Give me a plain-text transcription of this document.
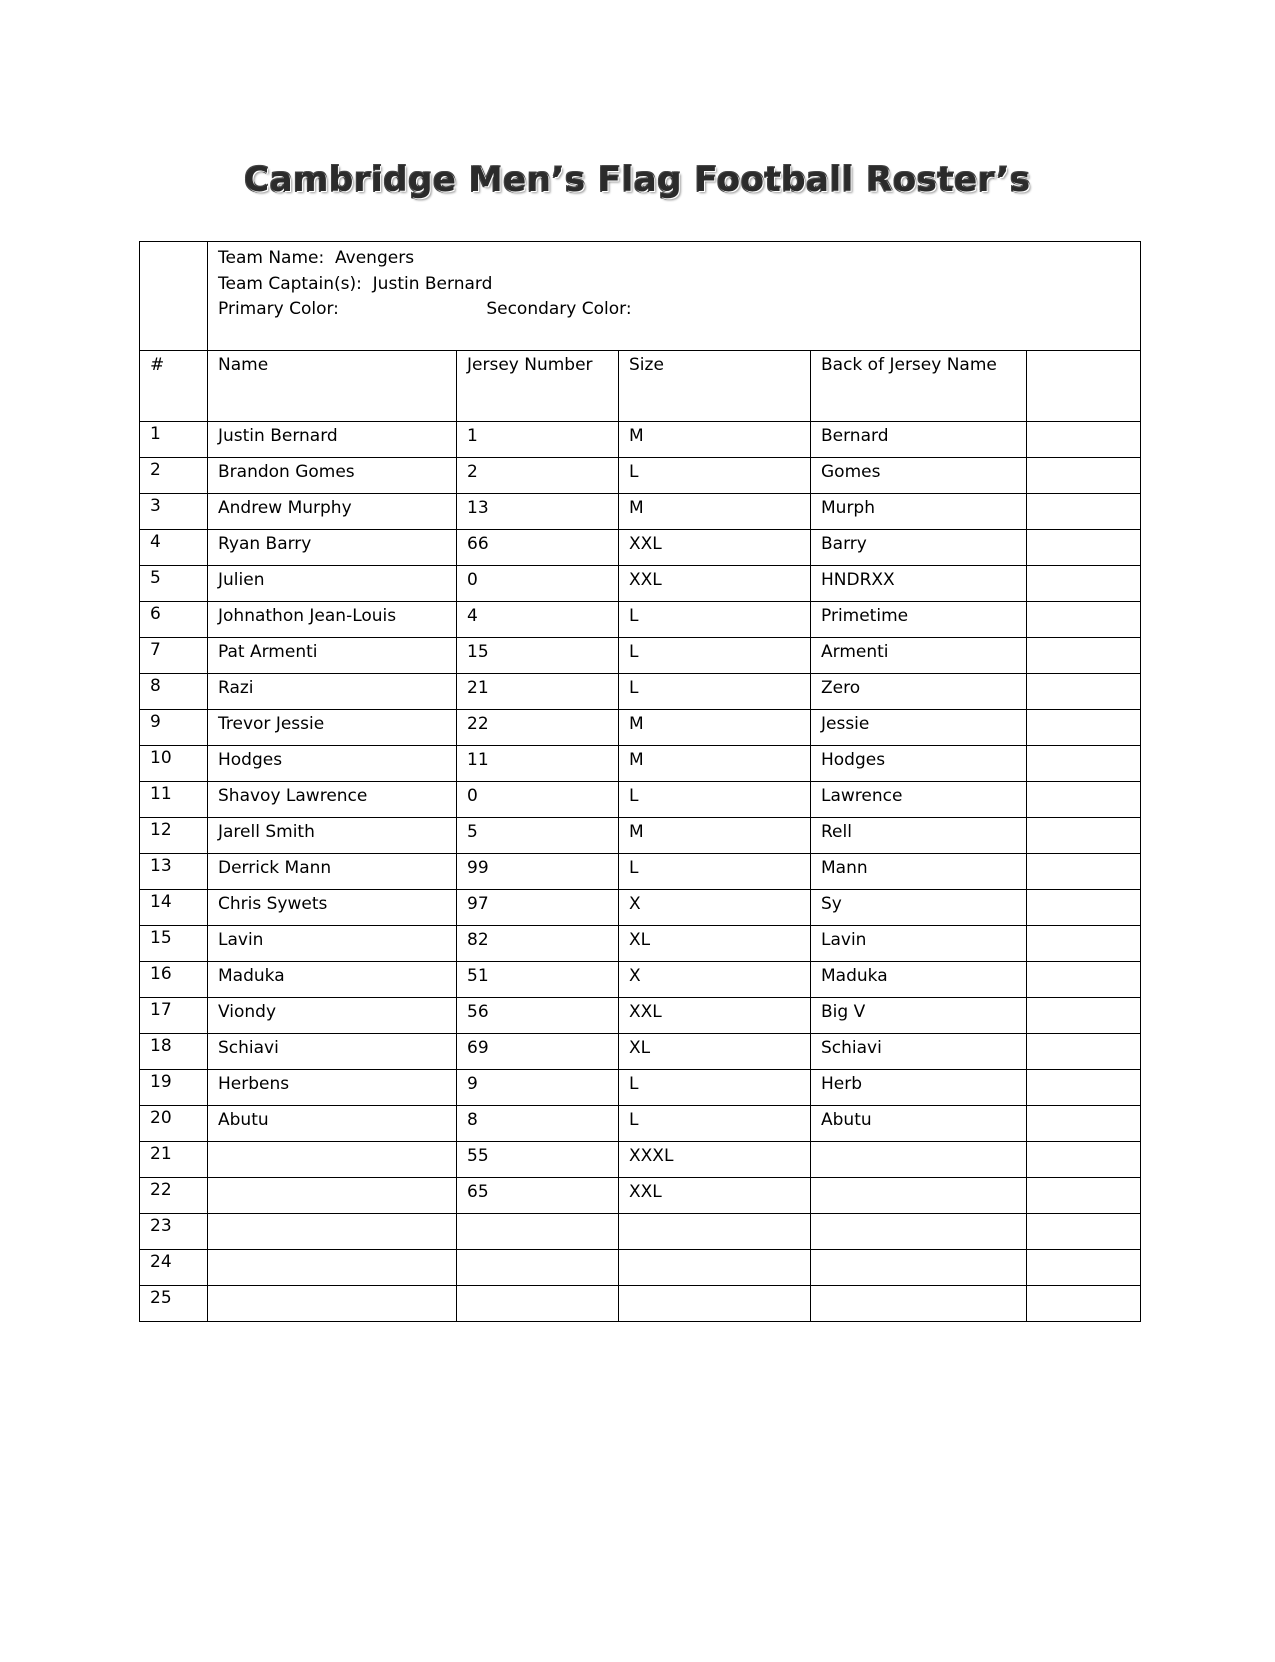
Cambridge Men’s Flag Football Roster’s

	Team Name: Avengers
Team Captain(s): Justin Bernard
Primary Color: Secondary Color:				

#	Name	Jersey Number	Size	Back of Jersey Name	
1	Justin Bernard	1	M	Bernard	
2	Brandon Gomes	2	L	Gomes	
3	Andrew Murphy	13	M	Murph	
4	Ryan Barry	66	XXL	Barry	
5	Julien	0	XXL	HNDRXX	
6	Johnathon Jean-Louis	4	L	Primetime	
7	Pat Armenti	15	L	Armenti	
8	Razi	21	L	Zero	
9	Trevor Jessie	22	M	Jessie	
10	Hodges	11	M	Hodges	
11	Shavoy Lawrence	0	L	Lawrence	
12	Jarell Smith	5	M	Rell	
13	Derrick Mann	99	L	Mann	
14	Chris Sywets	97	X	Sy	
15	Lavin	82	XL	Lavin	
16	Maduka	51	X	Maduka	
17	Viondy	56	XXL	Big V	
18	Schiavi	69	XL	Schiavi	
19	Herbens	9	L	Herb	
20	Abutu	8	L	Abutu	
21		55	XXXL		
22		65	XXL		
23					
24					
25					
